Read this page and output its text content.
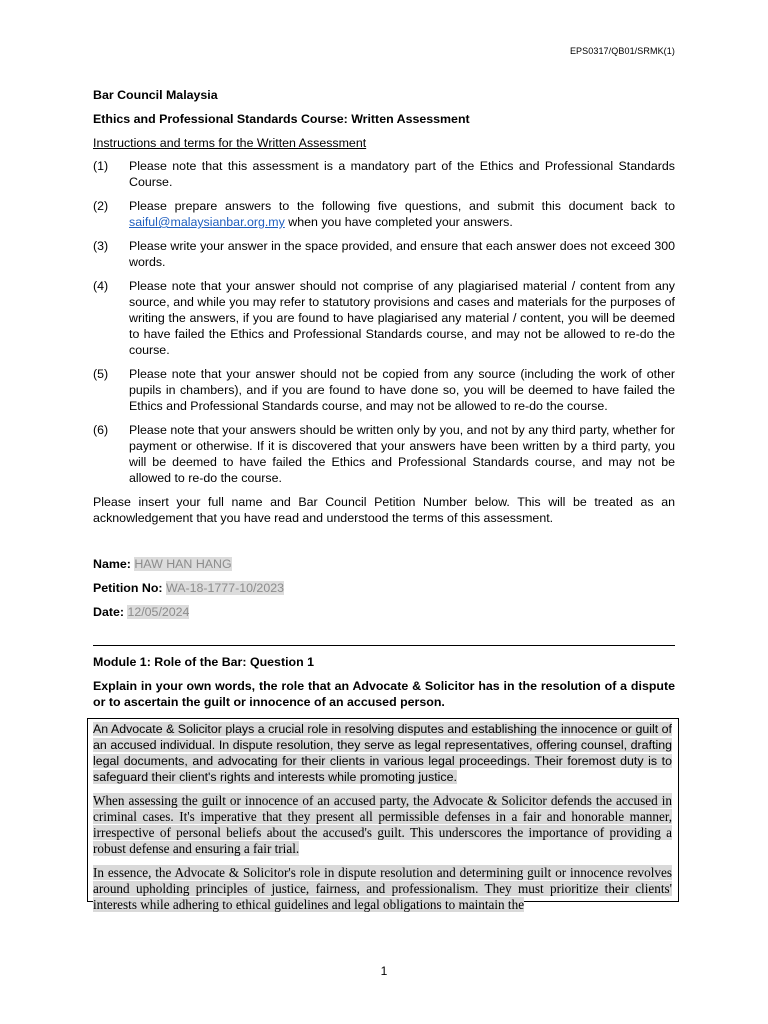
EPS0317/QB01/SRMK(1)

Bar Council Malaysia

Ethics and Professional Standards Course: Written Assessment

Instructions and terms for the Written Assessment

(1)	Please note that this assessment is a mandatory part of the Ethics and Professional Standards Course.
(2)	Please prepare answers to the following five questions, and submit this document back to saiful@malaysianbar.org.my when you have completed your answers.
(3)	Please write your answer in the space provided, and ensure that each answer does not exceed 300 words.
(4)	Please note that your answer should not comprise of any plagiarised material / content from any source, and while you may refer to statutory provisions and cases and materials for the purposes of writing the answers, if you are found to have plagiarised any material / content, you will be deemed to have failed the Ethics and Professional Standards course, and may not be allowed to re-do the course.
(5)	Please note that your answer should not be copied from any source (including the work of other pupils in chambers), and if you are found to have done so, you will be deemed to have failed the Ethics and Professional Standards course, and may not be allowed to re-do the course.
(6)	Please note that your answers should be written only by you, and not by any third party, whether for payment or otherwise. If it is discovered that your answers have been written by a third party, you will be deemed to have failed the Ethics and Professional Standards course, and may not be allowed to re-do the course.

Please insert your full name and Bar Council Petition Number below. This will be treated as an acknowledgement that you have read and understood the terms of this assessment.

Name: HAW HAN HANG

Petition No: WA-18-1777-10/2023

Date: 12/05/2024

Module 1: Role of the Bar: Question 1

Explain in your own words, the role that an Advocate & Solicitor has in the resolution of a dispute or to ascertain the guilt or innocence of an accused person.

An Advocate & Solicitor plays a crucial role in resolving disputes and establishing the innocence or guilt of an accused individual. In dispute resolution, they serve as legal representatives, offering counsel, drafting legal documents, and advocating for their clients in various legal proceedings. Their foremost duty is to safeguard their client's rights and interests while promoting justice.

When assessing the guilt or innocence of an accused party, the Advocate & Solicitor defends the accused in criminal cases. It's imperative that they present all permissible defenses in a fair and honorable manner, irrespective of personal beliefs about the accused's guilt. This underscores the importance of providing a robust defense and ensuring a fair trial.

In essence, the Advocate & Solicitor's role in dispute resolution and determining guilt or innocence revolves around upholding principles of justice, fairness, and professionalism. They must prioritize their clients' interests while adhering to ethical guidelines and legal obligations to maintain the

1
